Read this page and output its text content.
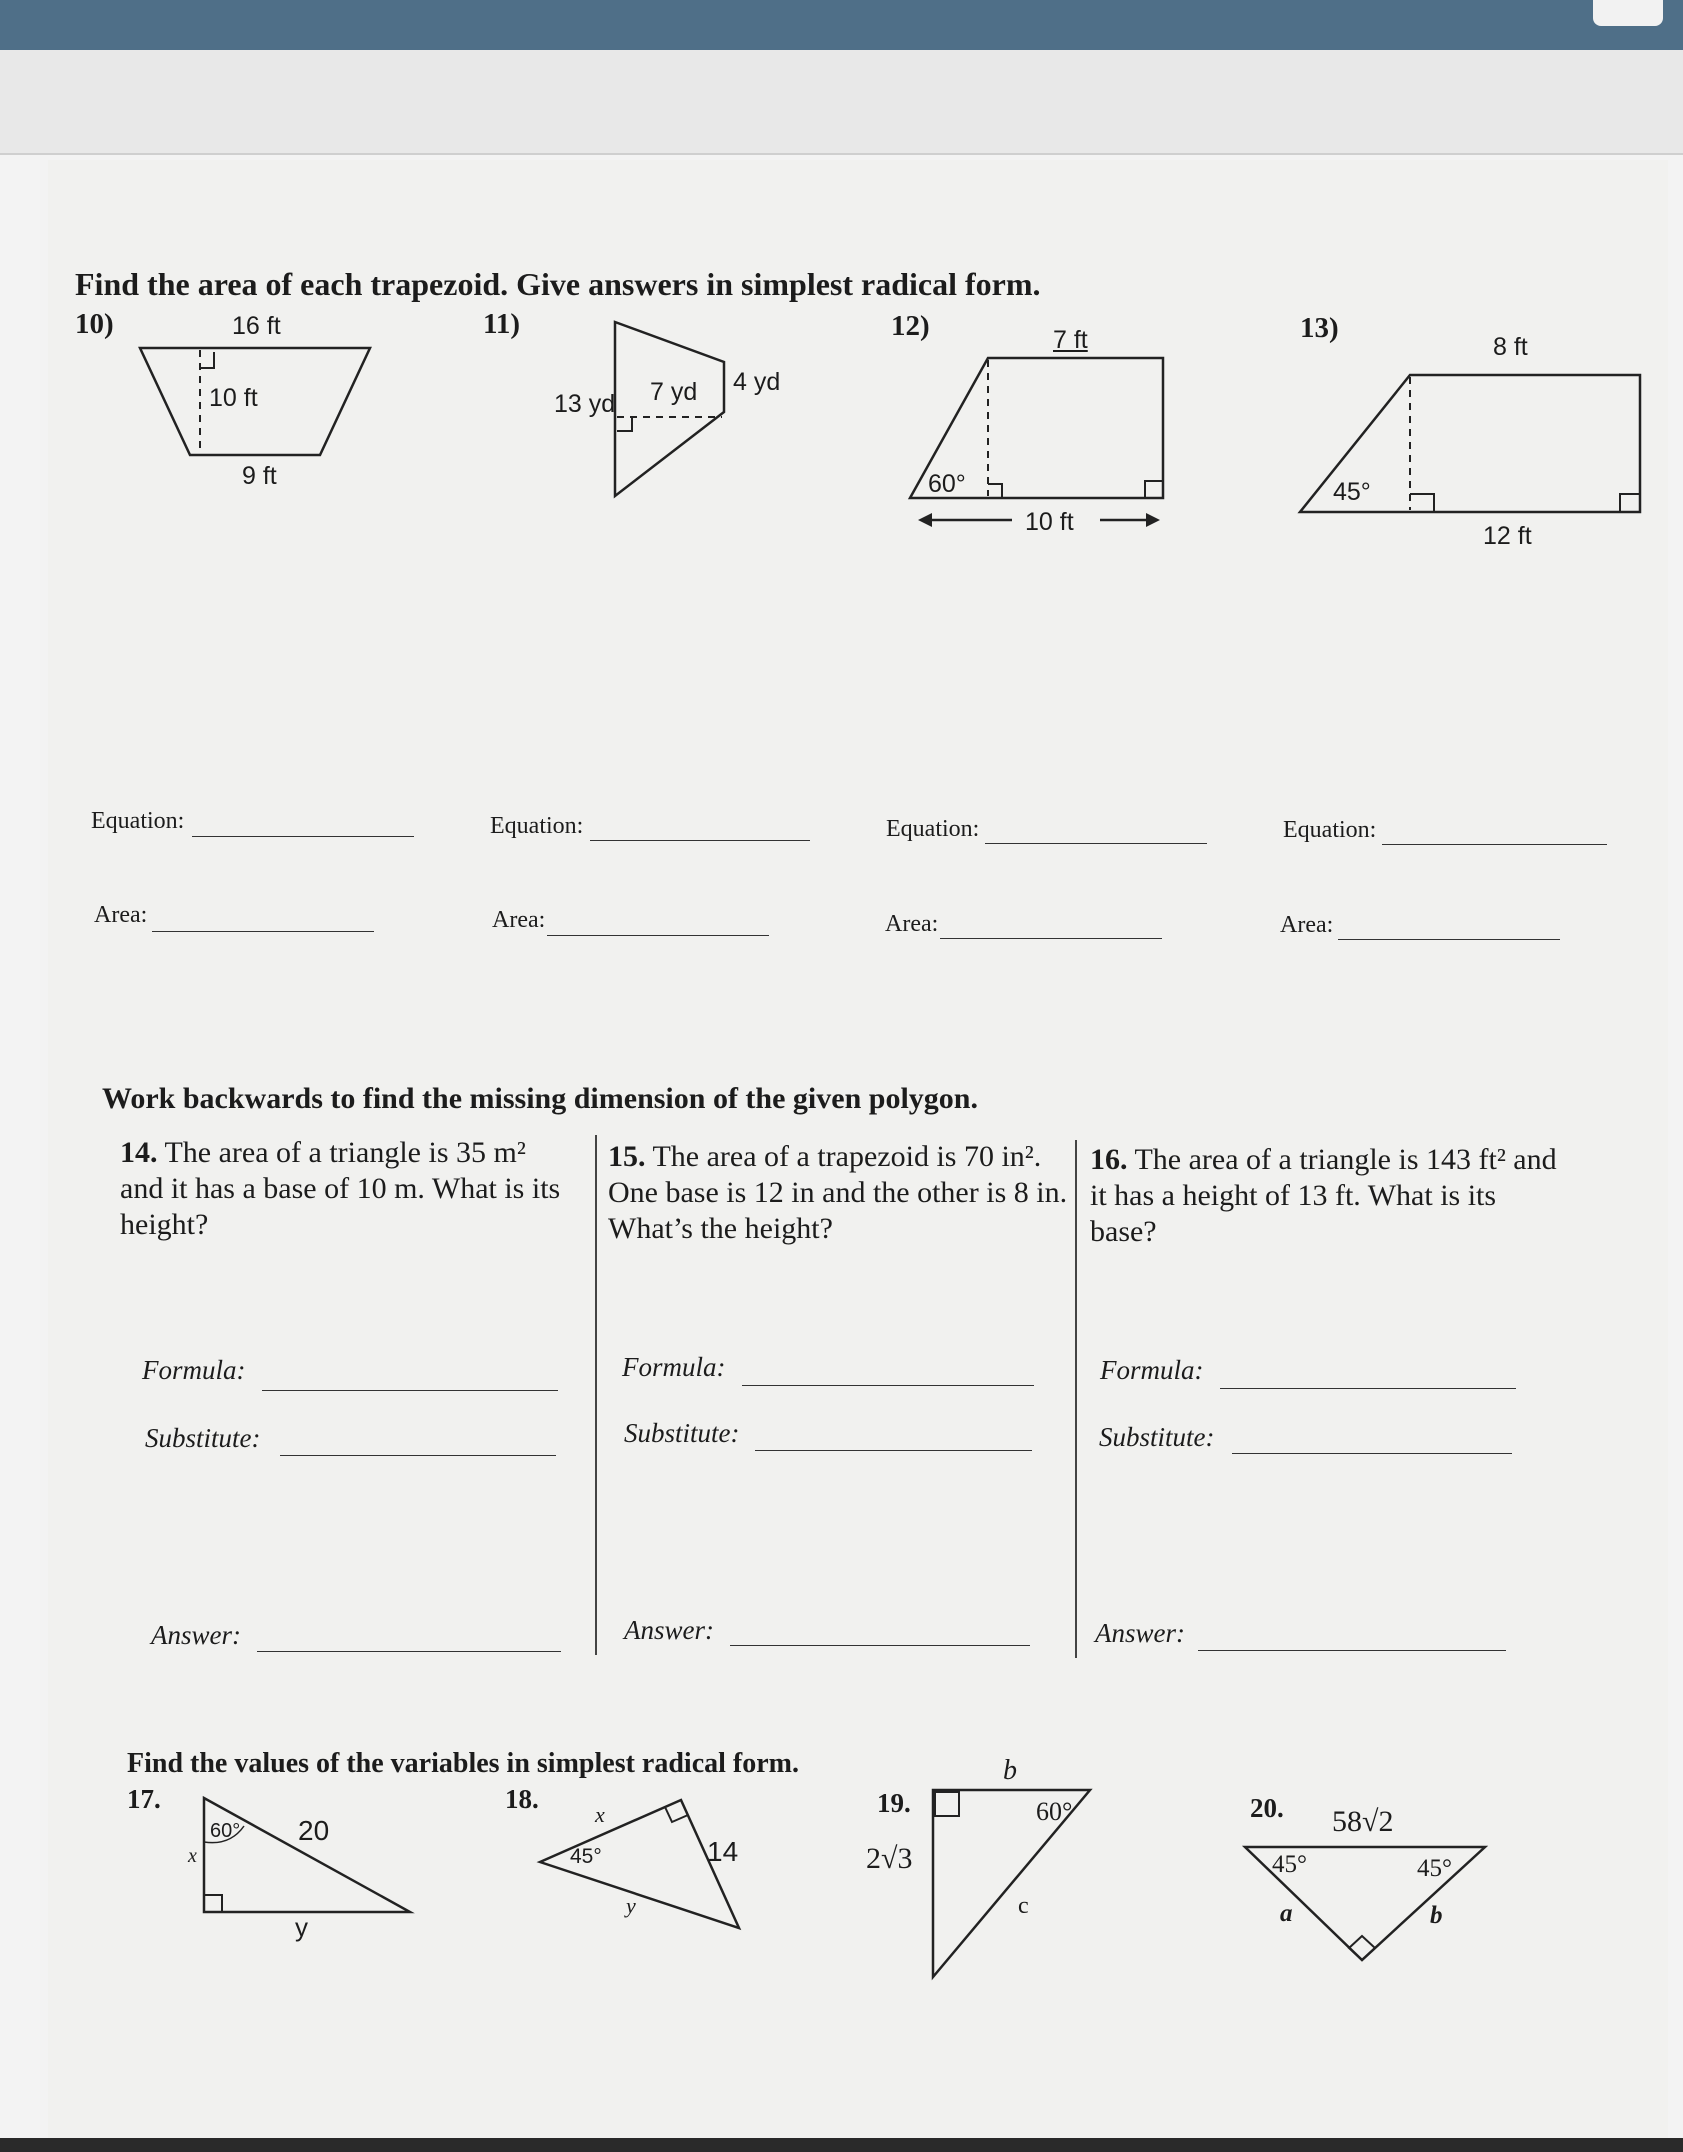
Find the area of each trapezoid. Give answers in simplest radical form.
10)	16 ft
10 ft
9 ft
11)
13 yd 7 yd 4 yd
12)	7 ft
60°
10 ft
13)
8 ft
45°
12 ft
Equation:	Equation:	Equation:	Equation:
Area:	Area:	Area:	Area:
Work backwards to find the missing dimension of the given polygon.
14. The area of a triangle is 35 m² and it has a base of 10 m. What is its height?
15. The area of a trapezoid is 70 in². One base is 12 in and the other is 8 in. What’s the height?
16. The area of a triangle is 143 ft² and it has a height of 13 ft. What is its base?
Formula:	Formula:	Formula:
Substitute:	Substitute:	Substitute:
Answer:	Answer:	Answer:
Find the values of the variables in simplest radical form.
17.
60° 20
x
y
18.
x
45°	14
y
19.
b
60°
2√3
c
20. 58√2
45°	45°
a	b
